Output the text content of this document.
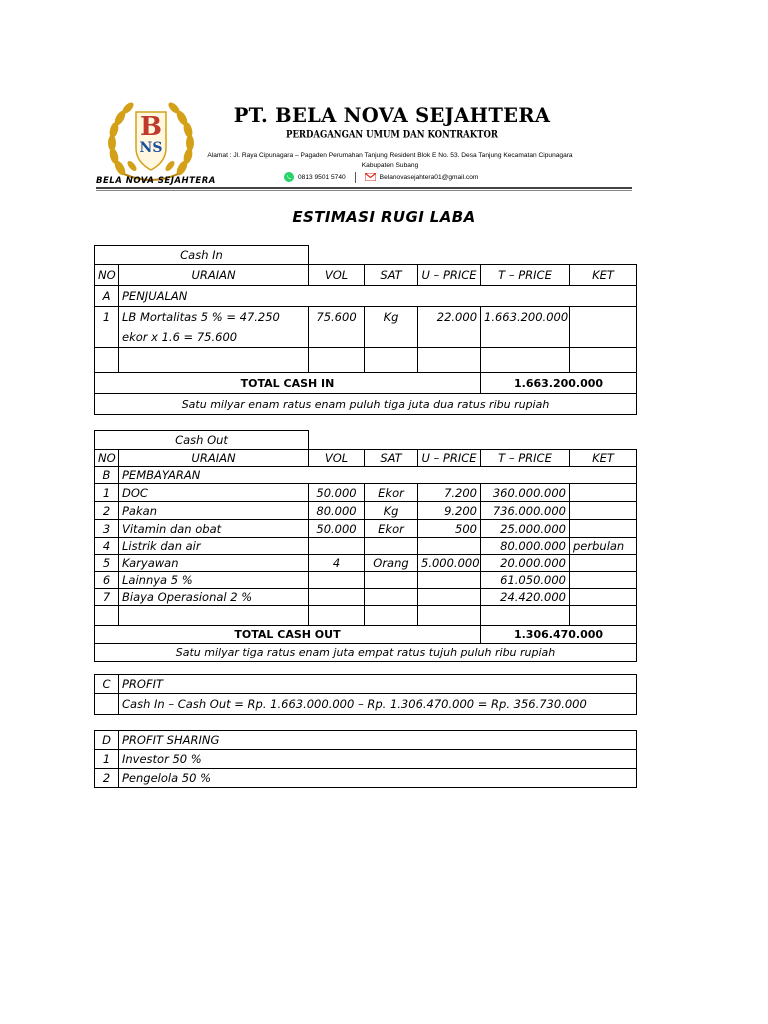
B
NS
BELA NOVA SEJAHTERA
PT. BELA NOVA SEJAHTERA
PERDAGANGAN UMUM DAN KONTRAKTOR
Alamat : Jl. Raya Cipunagara – Pagaden Perumahan Tanjung Resident Blok E No. 53. Desa Tanjung Kecamatan Cipunagara
Kabupaten Subang
0813 9501 5740	Belanovasejahtera01@gmail.com
ESTIMASI RUGI LABA
Cash In						
NO	URAIAN	VOL	SAT	U – PRICE	T – PRICE	KET
A	PENJUALAN					
1	LB Mortalitas 5 % = 47.250 ekor x 1.6 = 75.600	75.600	Kg	22.000	1.663.200.000	

TOTAL CASH IN					1.663.200.000	
Satu milyar enam ratus enam puluh tiga juta dua ratus ribu rupiah						
Cash Out						
NO	URAIAN	VOL	SAT	U – PRICE	T – PRICE	KET
B	PEMBAYARAN					
1	DOC	50.000	Ekor	7.200	360.000.000	
2	Pakan	80.000	Kg	9.200	736.000.000	
3	Vitamin dan obat	50.000	Ekor	500	25.000.000	
4	Listrik dan air				80.000.000	perbulan
5	Karyawan	4	Orang	5.000.000	20.000.000	
6	Lainnya 5 %				61.050.000	
7	Biaya Operasional 2 %				24.420.000	

TOTAL CASH OUT					1.306.470.000	
Satu milyar tiga ratus enam juta empat ratus tujuh puluh ribu rupiah						
C	PROFIT
	Cash In – Cash Out = Rp. 1.663.000.000 – Rp. 1.306.470.000 = Rp. 356.730.000
D	PROFIT SHARING
1	Investor 50 %
2	Pengelola 50 %
